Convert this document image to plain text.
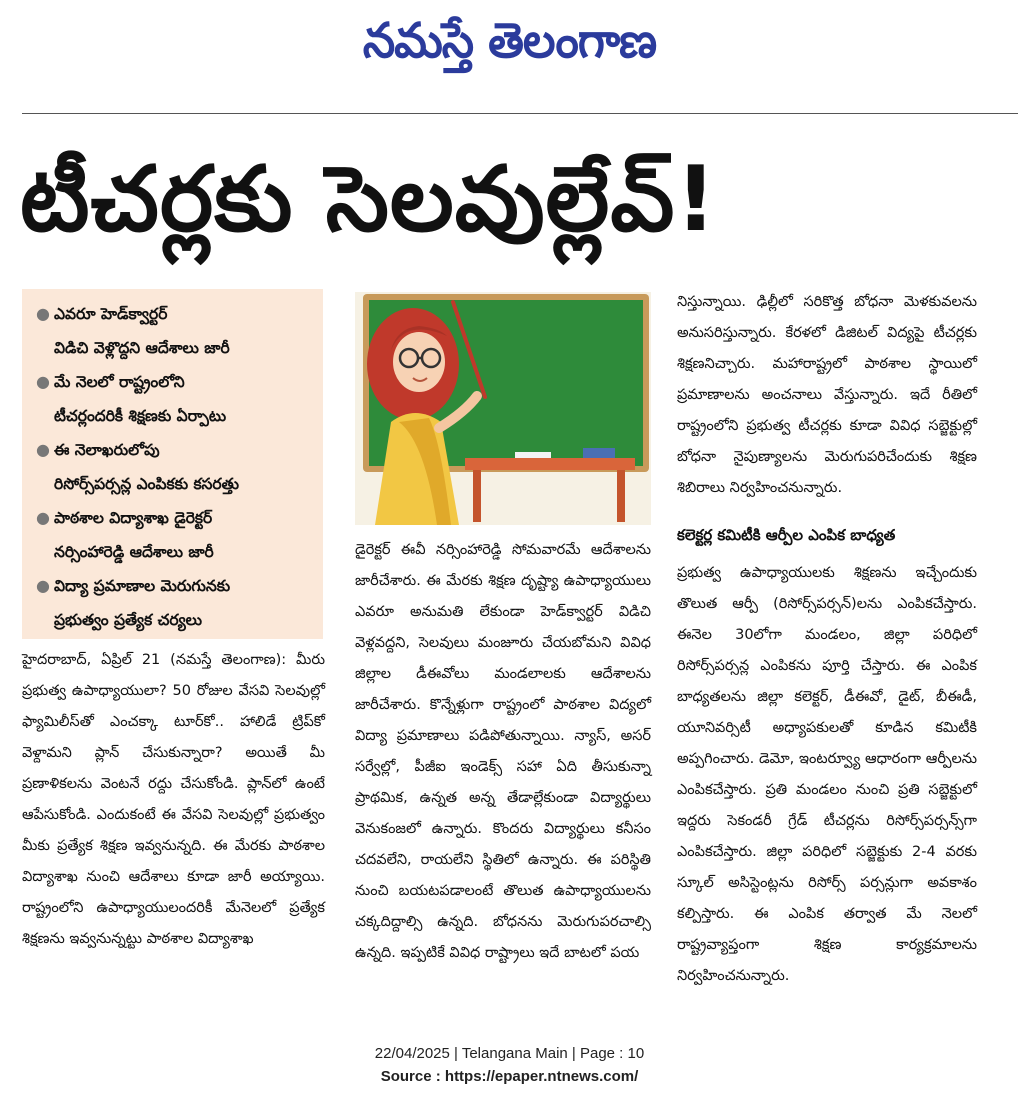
నమస్తే తెలంగాణ
టీచర్లకు సెలవుల్లేవ్!
● ఎవరూ హెడ్‌క్వార్టర్
విడిచి వెళ్లొద్దని ఆదేశాలు జారీ
● మే నెలలో రాష్ట్రంలోని
టీచర్లందరికీ శిక్షణకు ఏర్పాటు
● ఈ నెలాఖరులోపు
రిసోర్స్‌పర్సన్ల ఎంపికకు కసరత్తు
● పాఠశాల విద్యాశాఖ డైరెక్టర్
నర్సింహారెడ్డి ఆదేశాలు జారీ
● విద్యా ప్రమాణాల మెరుగునకు
ప్రభుత్వం ప్రత్యేక చర్యలు

హైదరాబాద్, ఏప్రిల్ 21 (నమస్తే తెలంగాణ): మీరు ప్రభుత్వ ఉపాధ్యాయులా? 50 రోజుల వేసవి సెలవుల్లో ఫ్యామిలీస్‌తో ఎంచక్కా టూర్‌కో.. హాలిడే ట్రిప్‌కో వెళ్దామని ప్లాన్ చేసుకున్నారా? అయితే మీ ప్రణాళికలను వెంటనే రద్దు చేసుకోండి. ప్లాన్‌లో ఉంటే ఆపేసుకోండి. ఎందుకంటే ఈ వేసవి సెలవుల్లో ప్రభుత్వం మీకు ప్రత్యేక శిక్షణ ఇవ్వనున్నది. ఈ మేరకు పాఠశాల విద్యాశాఖ నుంచి ఆదేశాలు కూడా జారీ అయ్యాయి. రాష్ట్రంలోని ఉపాధ్యాయులందరికీ మేనెలలో ప్రత్యేక శిక్షణను ఇవ్వనున్నట్టు పాఠశాల విద్యాశాఖ

డైరెక్టర్ ఈవీ నర్సింహారెడ్డి సోమవారమే ఆదేశాలను జారీచేశారు. ఈ మేరకు శిక్షణ దృష్ట్యా ఉపాధ్యాయులు ఎవరూ అనుమతి లేకుండా హెడ్‌క్వార్టర్ విడిచి వెళ్లవద్దని, సెలవులు మంజూరు చేయబోమని వివిధ జిల్లాల డీఈవోలు మండలాలకు ఆదేశాలను జారీచేశారు. కొన్నేళ్లుగా రాష్ట్రంలో పాఠశాల విద్యలో విద్యా ప్రమాణాలు పడిపోతున్నాయి. న్యాస్, అసర్ సర్వేల్లో, పీజీఐ ఇండెక్స్ సహా ఏది తీసుకున్నా ప్రాథమిక, ఉన్నత అన్న తేడాల్లేకుండా విద్యార్థులు వెనుకంజలో ఉన్నారు. కొందరు విద్యార్థులు కనీసం చదవలేని, రాయలేని స్థితిలో ఉన్నారు. ఈ పరిస్థితి నుంచి బయటపడాలంటే తొలుత ఉపాధ్యాయులను చక్కదిద్దాల్సి ఉన్నది. బోధనను మెరుగుపరచాల్సి ఉన్నది. ఇప్పటికే వివిధ రాష్ట్రాలు ఇదే బాటలో పయ

నిస్తున్నాయి. ఢిల్లీలో సరికొత్త బోధనా మెళకువలను అనుసరిస్తున్నారు. కేరళలో డిజిటల్ విద్యపై టీచర్లకు శిక్షణనిచ్చారు. మహారాష్ట్రలో పాఠశాల స్థాయిలో ప్రమాణాలను అంచనాలు వేస్తున్నారు. ఇదే రీతిలో రాష్ట్రంలోని ప్రభుత్వ టీచర్లకు కూడా వివిధ సబ్జెక్టుల్లో బోధనా నైపుణ్యాలను మెరుగుపరిచేందుకు శిక్షణ శిబిరాలు నిర్వహించనున్నారు.

కలెక్టర్ల కమిటీకి ఆర్పీల ఎంపిక బాధ్యత

ప్రభుత్వ ఉపాధ్యాయులకు శిక్షణను ఇచ్చేందుకు తొలుత ఆర్పీ (రిసోర్స్‌పర్సన్)లను ఎంపికచేస్తారు. ఈనెల 30లోగా మండలం, జిల్లా పరిధిలో రిసోర్స్‌పర్సన్ల ఎంపికను పూర్తి చేస్తారు. ఈ ఎంపిక బాధ్యతలను జిల్లా కలెక్టర్, డీఈవో, డైట్, బీఈడీ, యూనివర్సిటీ అధ్యాపకులతో కూడిన కమిటీకి అప్పగించారు. డెమో, ఇంటర్వ్యూ ఆధారంగా ఆర్పీలను ఎంపికచేస్తారు. ప్రతి మండలం నుంచి ప్రతి సబ్జెక్టులో ఇద్దరు సెకండరీ గ్రేడ్ టీచర్లను రిసోర్స్‌పర్సన్స్‌గా ఎంపికచేస్తారు. జిల్లా పరిధిలో సబ్జెక్టుకు 2-4 వరకు స్కూల్ అసిస్టెంట్లను రిసోర్స్ పర్సన్లుగా అవకాశం కల్పిస్తారు. ఈ ఎంపిక తర్వాత మే నెలలో రాష్ట్రవ్యాప్తంగా శిక్షణ కార్యక్రమాలను నిర్వహించనున్నారు.

22/04/2025 | Telangana Main | Page : 10
Source : https://epaper.ntnews.com/
